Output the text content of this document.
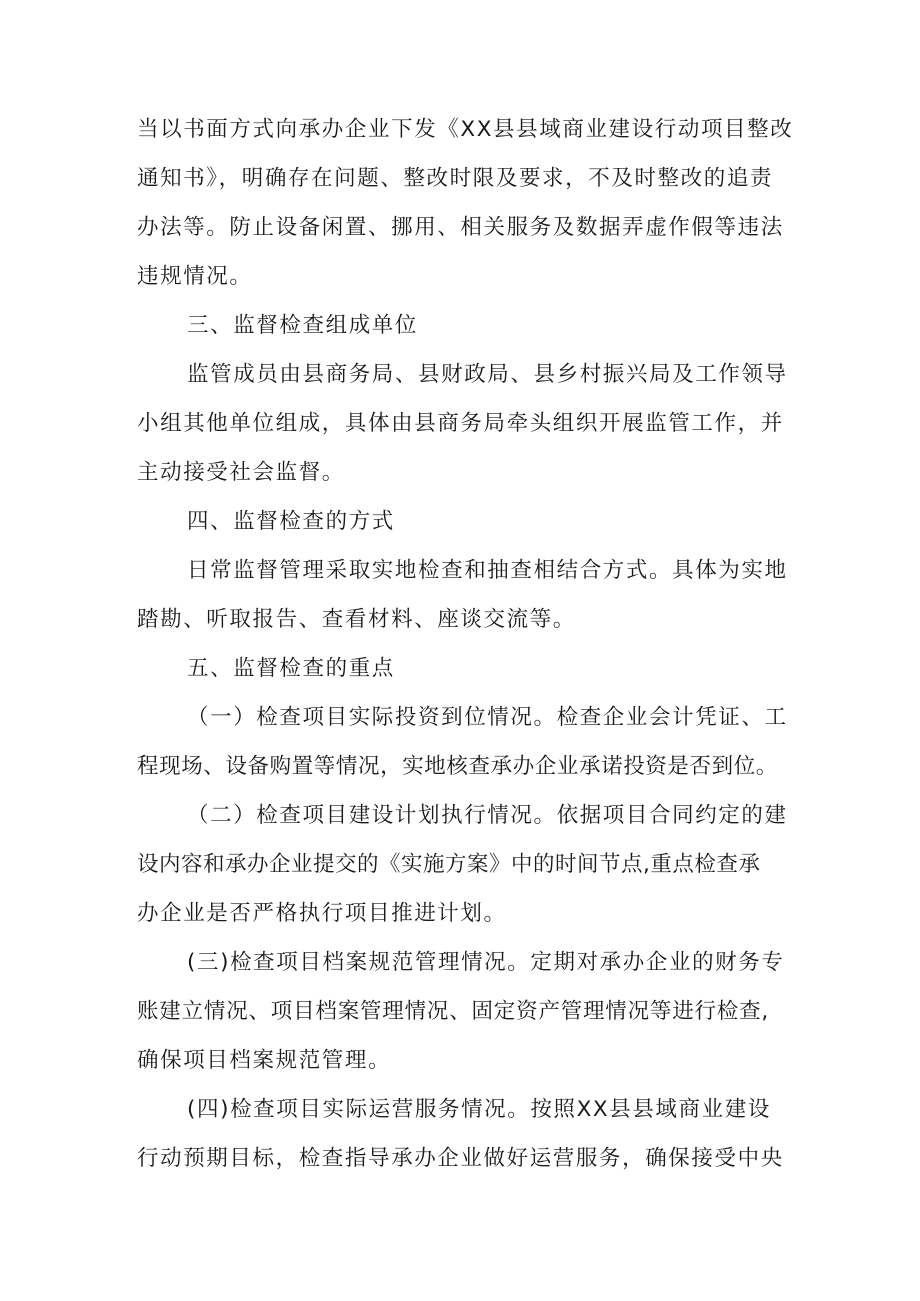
当以书面方式向承办企业下发《XX县县域商业建设行动项目整改
通知书》，明确存在问题、整改时限及要求，不及时整改的追责
办法等。防止设备闲置、挪用、相关服务及数据弄虚作假等违法
违规情况。
三、监督检查组成单位
监管成员由县商务局、县财政局、县乡村振兴局及工作领导
小组其他单位组成，具体由县商务局牵头组织开展监管工作，并
主动接受社会监督。
四、监督检查的方式
日常监督管理采取实地检查和抽查相结合方式。具体为实地
踏勘、听取报告、查看材料、座谈交流等。
五、监督检查的重点
（一）检查项目实际投资到位情况。检查企业会计凭证、工
程现场、设备购置等情况，实地核查承办企业承诺投资是否到位。
（二）检查项目建设计划执行情况。依据项目合同约定的建
设内容和承办企业提交的《实施方案》中的时间节点,重点检查承
办企业是否严格执行项目推进计划。
(三)检查项目档案规范管理情况。定期对承办企业的财务专
账建立情况、项目档案管理情况、固定资产管理情况等进行检查,
确保项目档案规范管理。
(四)检查项目实际运营服务情况。按照XX县县域商业建设
行动预期目标，检查指导承办企业做好运营服务，确保接受中央
